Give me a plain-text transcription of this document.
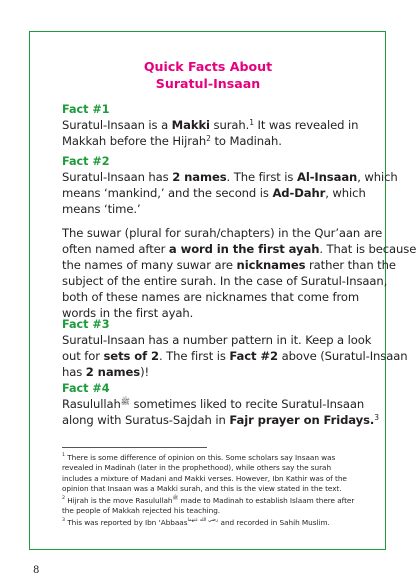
Quick Facts About
Suratul-Insaan
Fact #1
Suratul-Insaan is a Makki surah.$^1$ It was revealed in
Makkah before the Hijrah$^2$ to Madinah.
Fact #2
Suratul-Insaan has 2 names. The first is Al-Insaan, which
means ‘mankind,’ and the second is Ad-Dahr, which
means ‘time.’
The suwar (plural for surah/chapters) in the Qur’aan are
often named after a word in the first ayah. That is because
the names of many suwar are nicknames rather than the
subject of the entire surah. In the case of Suratul-Insaan,
both of these names are nicknames that come from
words in the first ayah.
Fact #3
Suratul-Insaan has a number pattern in it. Keep a look
out for sets of 2. The first is Fact #2 above (Suratul-Insaan
has 2 names)!
Fact #4
Rasulullah$^ﷺ$ sometimes liked to recite Suratul-Insaan
along with Suratus-Sajdah in Fajr prayer on Fridays.$^3$
$^1$ There is some difference of opinion on this. Some scholars say Insaan was
revealed in Madinah (later in the prophethood), while others say the surah
includes a mixture of Madani and Makki verses. However, Ibn Kathir was of the
opinion that Insaan was a Makki surah, and this is the view stated in the text.
$^2$ Hijrah is the move Rasulullah$^ﷺ$ made to Madinah to establish Islaam there after
the people of Makkah rejected his teaching.
$^3$ This was reported by Ibn ‘Abbaas$^{رضي الله عنهما}$ and recorded in Sahih Muslim.
8
